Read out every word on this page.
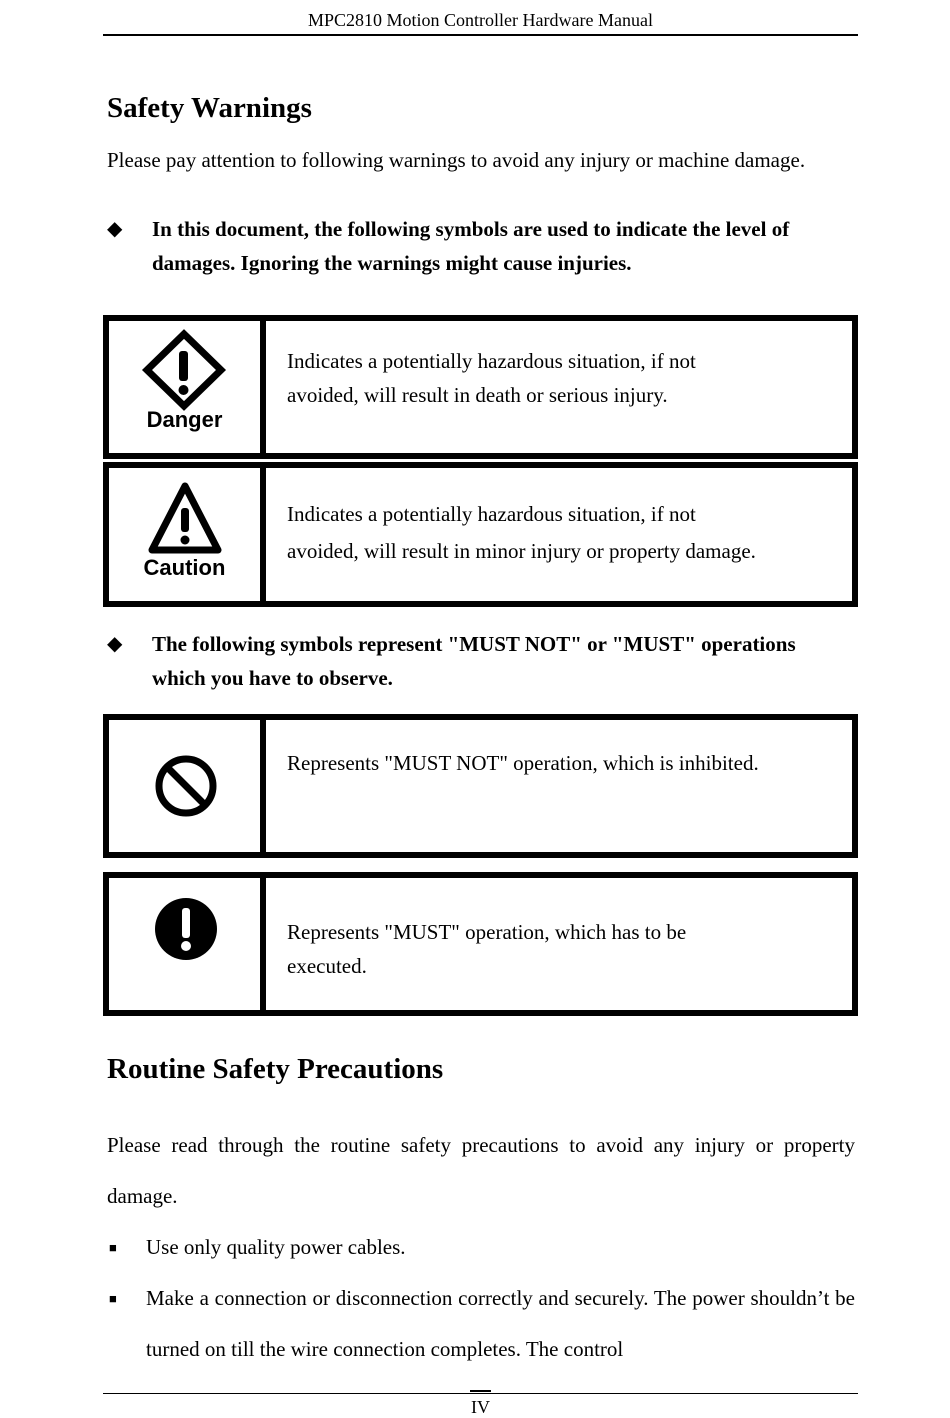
MPC2810 Motion Controller Hardware Manual
Safety Warnings

Please pay attention to following warnings to avoid any injury or machine damage.

◆ In this document, the following symbols are used to indicate the level of damages. Ignoring the warnings might cause injuries.
Danger
Indicates a potentially hazardous situation, if not avoided, will result in death or serious injury.
Caution
Indicates a potentially hazardous situation, if not avoided, will result in minor injury or property damage.
◆ The following symbols represent "MUST NOT" or "MUST" operations which you have to observe.
Represents "MUST NOT" operation, which is inhibited.
Represents "MUST" operation, which has to be executed.
Routine Safety Precautions

Please read through the routine safety precautions to avoid any injury or property damage.

■ Use only quality power cables.
■ Make a connection or disconnection correctly and securely. The power shouldn’t be turned on till the wire connection completes. The control
IV
